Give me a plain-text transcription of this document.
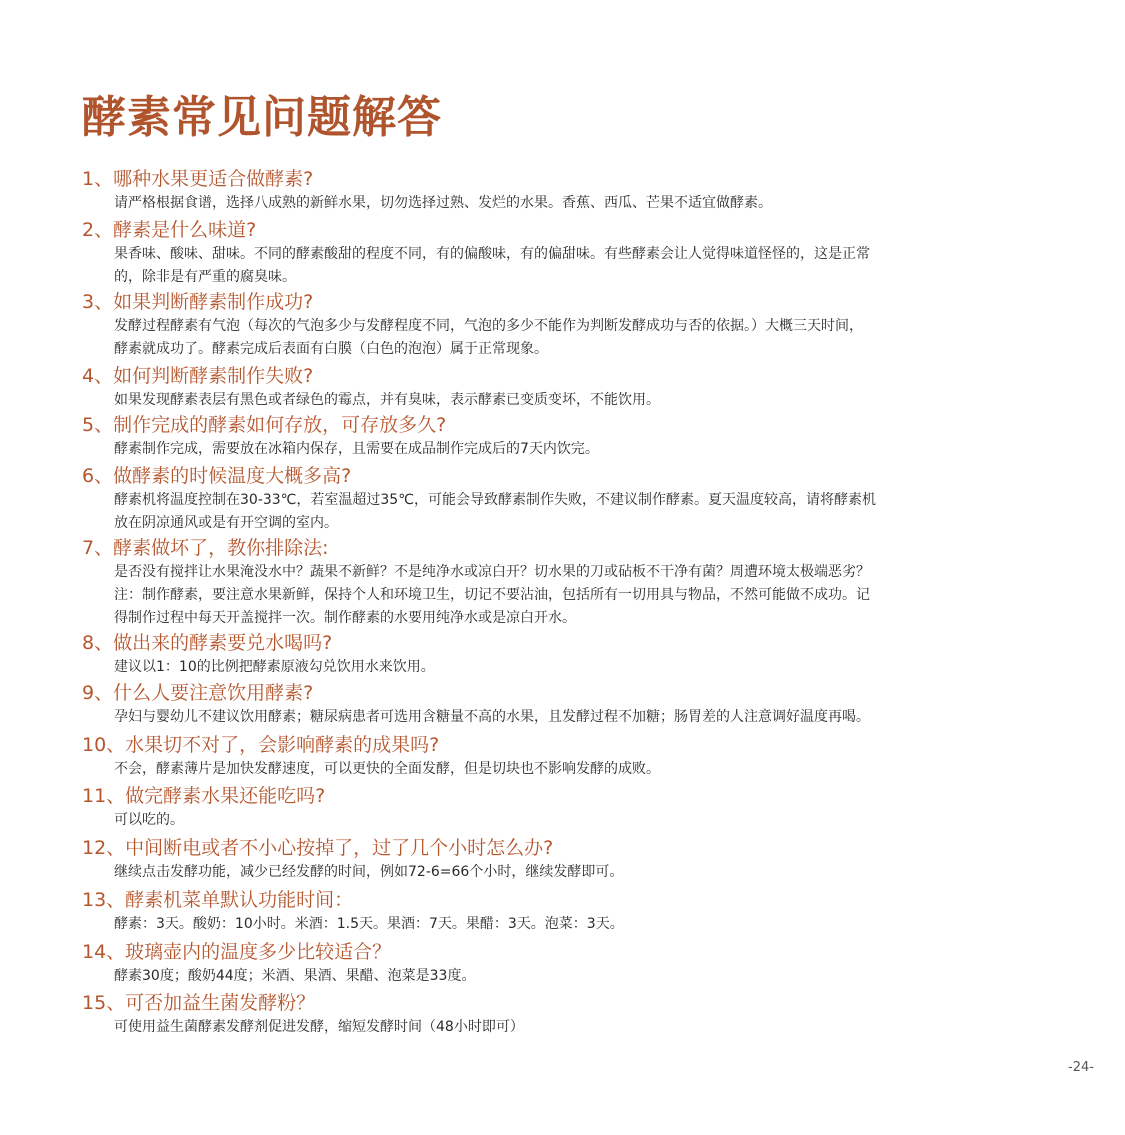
酵素常见问题解答
1、哪种水果更适合做酵素?
请严格根据食谱，选择八成熟的新鲜水果，切勿选择过熟、发烂的水果。香蕉、西瓜、芒果不适宜做酵素。
2、酵素是什么味道?
果香味、酸味、甜味。不同的酵素酸甜的程度不同，有的偏酸味，有的偏甜味。有些酵素会让人觉得味道怪怪的，这是正常
的，除非是有严重的腐臭味。
3、如果判断酵素制作成功?
发酵过程酵素有气泡（每次的气泡多少与发酵程度不同，气泡的多少不能作为判断发酵成功与否的依据。）大概三天时间，
酵素就成功了。酵素完成后表面有白膜（白色的泡泡）属于正常现象。
4、如何判断酵素制作失败?
如果发现酵素表层有黑色或者绿色的霉点，并有臭味，表示酵素已变质变坏，不能饮用。
5、制作完成的酵素如何存放，可存放多久?
酵素制作完成，需要放在冰箱内保存，且需要在成品制作完成后的7天内饮完。
6、做酵素的时候温度大概多高?
酵素机将温度控制在30-33℃，若室温超过35℃，可能会导致酵素制作失败，不建议制作酵素。夏天温度较高，请将酵素机
放在阴凉通风或是有开空调的室内。
7、酵素做坏了，教你排除法:
是否没有搅拌让水果淹没水中？蔬果不新鲜？不是纯净水或凉白开？切水果的刀或砧板不干净有菌？周遭环境太极端恶劣？
注：制作酵素，要注意水果新鲜，保持个人和环境卫生，切记不要沾油，包括所有一切用具与物品，不然可能做不成功。记
得制作过程中每天开盖搅拌一次。制作酵素的水要用纯净水或是凉白开水。
8、做出来的酵素要兑水喝吗?
建议以1：10的比例把酵素原液勾兑饮用水来饮用。
9、什么人要注意饮用酵素?
孕妇与婴幼儿不建议饮用酵素；糖尿病患者可选用含糖量不高的水果，且发酵过程不加糖；肠胃差的人注意调好温度再喝。
10、水果切不对了，会影响酵素的成果吗?
不会，酵素薄片是加快发酵速度，可以更快的全面发酵，但是切块也不影响发酵的成败。
11、做完酵素水果还能吃吗?
可以吃的。
12、中间断电或者不小心按掉了，过了几个小时怎么办?
继续点击发酵功能，减少已经发酵的时间，例如72-6=66个小时，继续发酵即可。
13、酵素机菜单默认功能时间：
酵素：3天。酸奶：10小时。米酒：1.5天。果酒：7天。果醋：3天。泡菜：3天。
14、玻璃壶内的温度多少比较适合？
酵素30度；酸奶44度；米酒、果酒、果醋、泡菜是33度。
15、可否加益生菌发酵粉？
可使用益生菌酵素发酵剂促进发酵，缩短发酵时间（48小时即可）
-24-
